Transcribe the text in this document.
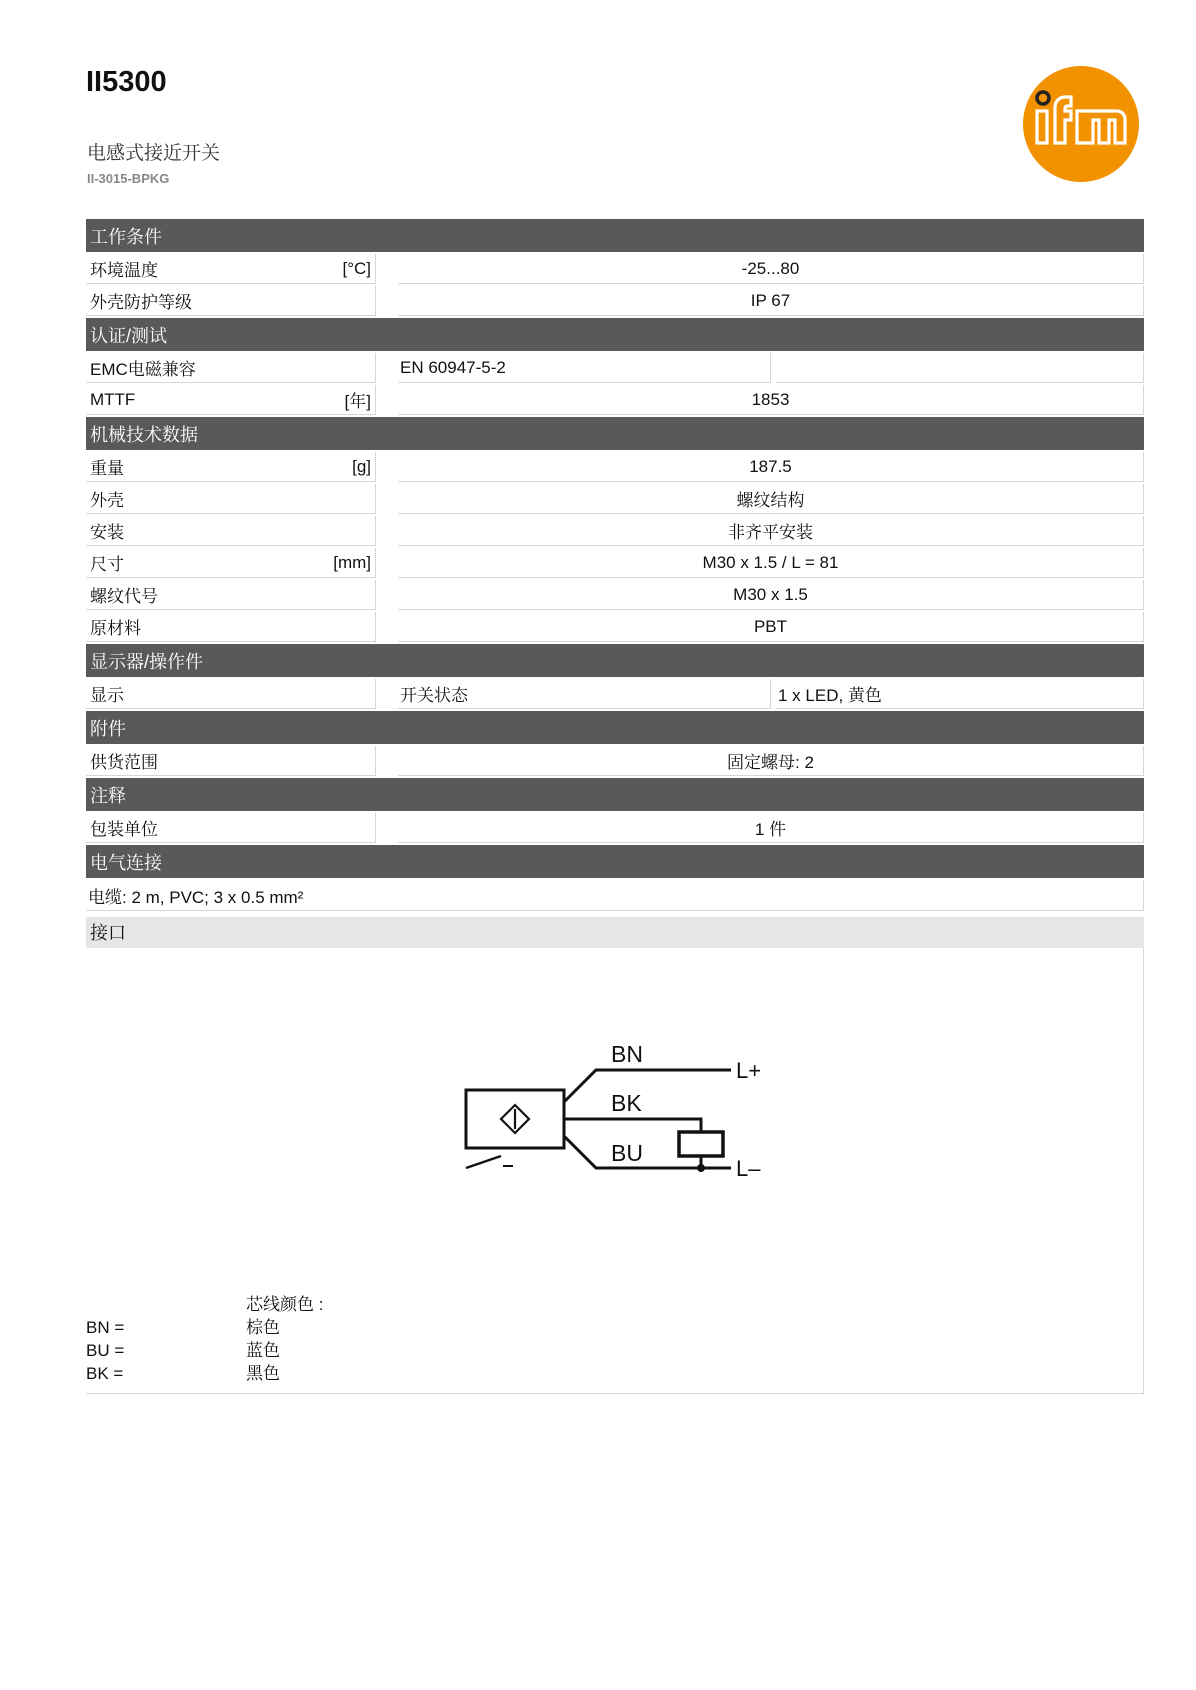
II5300
电感式接近开关
II-3015-BPKG
工作条件
环境温度	[°C]	-25...80
外壳防护等级	IP 67
认证/测试
EMC电磁兼容	EN 60947-5-2
MTTF	[年]	1853
机械技术数据
重量	[g]	187.5
外壳	螺纹结构
安装	非齐平安装
尺寸	[mm]	M30 x 1.5 / L = 81
螺纹代号	M30 x 1.5
原材料	PBT
显示器/操作件
显示	开关状态	1 x LED, 黄色
附件
供货范围	固定螺母: 2
注释
包装单位	1 件
电气连接
电缆: 2 m, PVC; 3 x 0.5 mm²
接口
BN
BK
BU
L+
L–
芯线颜色 :
BN =	棕色
BU =	蓝色
BK =	黑色
